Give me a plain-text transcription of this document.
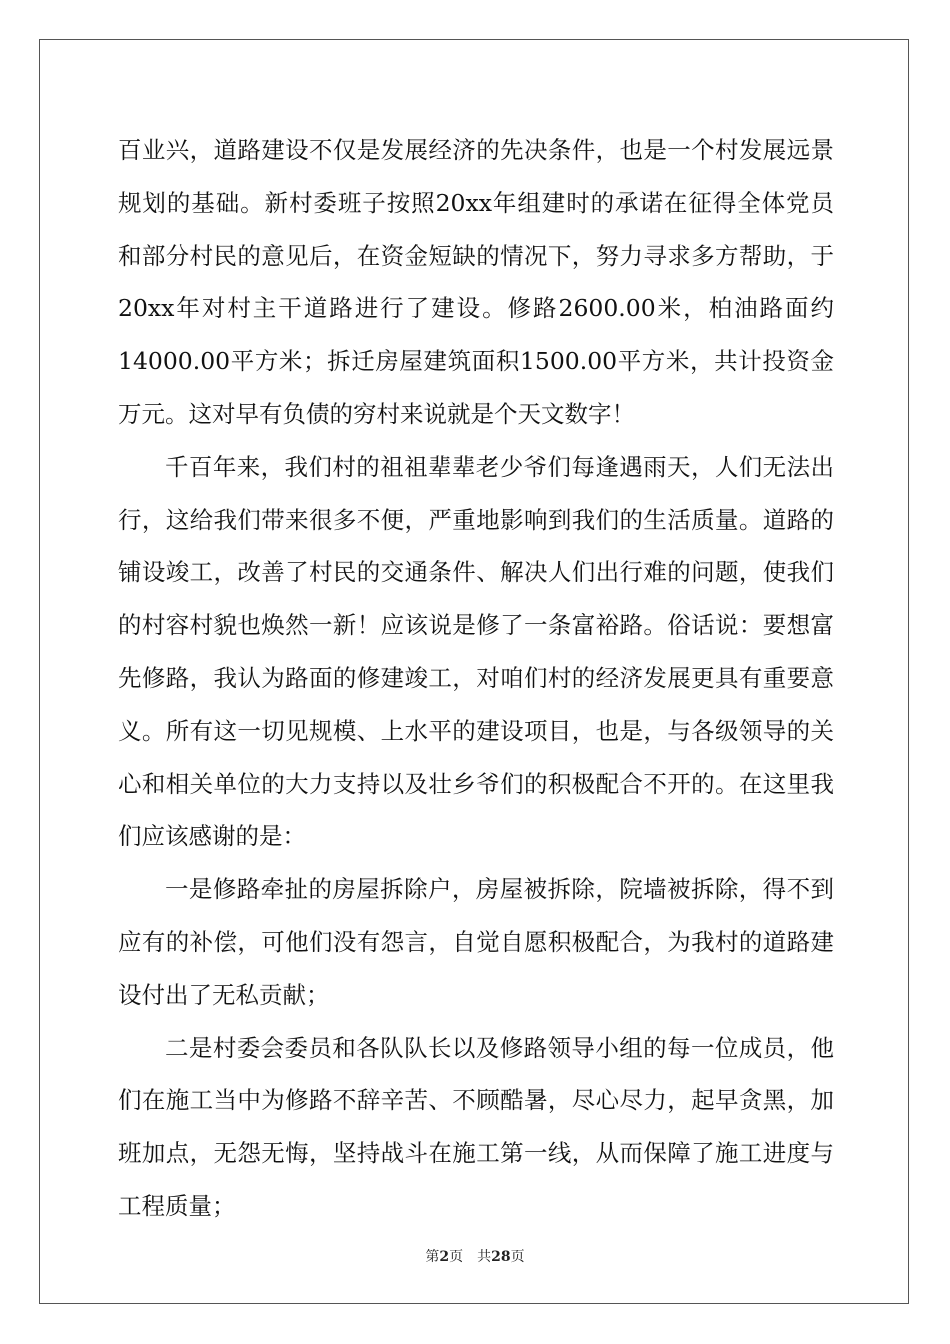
百业兴，道路建设不仅是发展经济的先决条件，也是一个村发展远景
规划的基础。新村委班子按照20xx年组建时的承诺在征得全体党员
和部分村民的意见后，在资金短缺的情况下，努力寻求多方帮助，于
20xx年对村主干道路进行了建设。修路2600.00米，柏油路面约
14000.00平方米；拆迁房屋建筑面积1500.00平方米，共计投资金
万元。这对早有负债的穷村来说就是个天文数字！
千百年来，我们村的祖祖辈辈老少爷们每逢遇雨天，人们无法出
行，这给我们带来很多不便，严重地影响到我们的生活质量。道路的
铺设竣工，改善了村民的交通条件、解决人们出行难的问题，使我们
的村容村貌也焕然一新！应该说是修了一条富裕路。俗话说：要想富
先修路，我认为路面的修建竣工，对咱们村的经济发展更具有重要意
义。所有这一切见规模、上水平的建设项目，也是，与各级领导的关
心和相关单位的大力支持以及壮乡爷们的积极配合不开的。在这里我
们应该感谢的是：
一是修路牵扯的房屋拆除户，房屋被拆除，院墙被拆除，得不到
应有的补偿，可他们没有怨言，自觉自愿积极配合，为我村的道路建
设付出了无私贡献；
二是村委会委员和各队队长以及修路领导小组的每一位成员，他
们在施工当中为修路不辞辛苦、不顾酷暑，尽心尽力，起早贪黑，加
班加点，无怨无悔，坚持战斗在施工第一线，从而保障了施工进度与
工程质量；
第2页 共28页
